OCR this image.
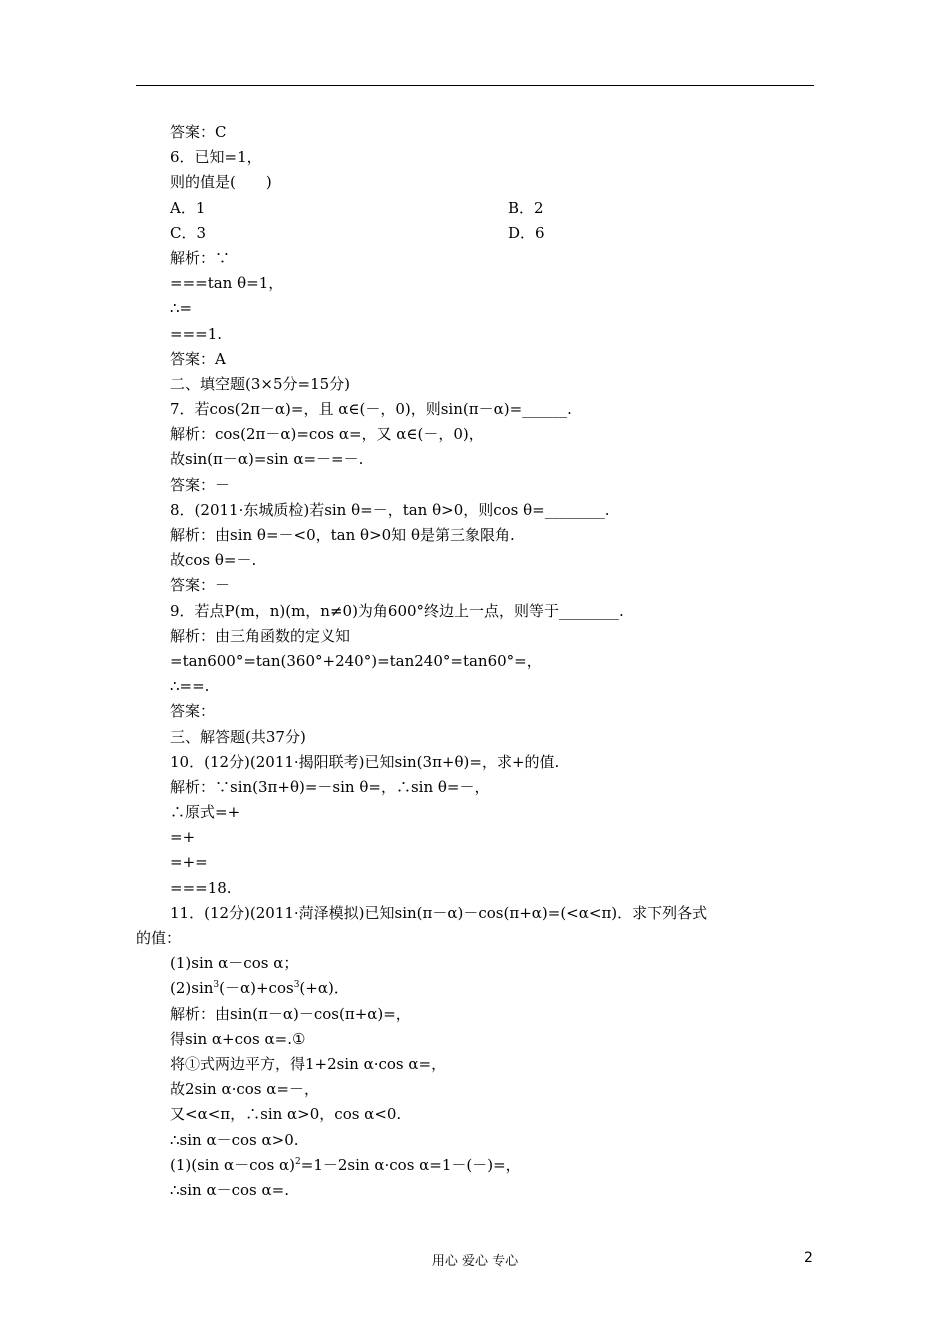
答案：C
6．已知=1，
则的值是(　　)
A．1	B．2
C．3	D．6
解析：∵
===tan θ=1，
∴=
===1.
答案：A
二、填空题(3×5分=15分)
7．若cos(2π－α)=，且 α∈(－，0)，则sin(π－α)=______.
解析：cos(2π－α)=cos α=，又 α∈(－，0)，
故sin(π－α)=sin α=－=－.
答案：－
8．(2011·东城质检)若sin θ=－，tan θ>0，则cos θ=________.
解析：由sin θ=－<0，tan θ>0知 θ是第三象限角.
故cos θ=－.
答案：－
9．若点P(m，n)(m，n≠0)为角600°终边上一点，则等于________.
解析：由三角函数的定义知
=tan600°=tan(360°+240°)=tan240°=tan60°=，
∴==.
答案：
三、解答题(共37分)
10．(12分)(2011·揭阳联考)已知sin(3π+θ)=，求+的值.
解析：∵sin(3π+θ)=－sin θ=，∴sin θ=－，
∴原式=+
=+
=+=
===18.
11．(12分)(2011·菏泽模拟)已知sin(π－α)－cos(π+α)=(<α<π)．求下列各式
的值：
(1)sin α－cos α；
$(2)\sin^3(-\alpha)+\cos^3(+\alpha)$．
解析：由sin(π－α)－cos(π+α)=，
得sin α+cos α=.①
将①式两边平方，得1+2sin α·cos α=，
故2sin α·cos α=－，
又<α<π，∴sin α>0，cos α<0.
∴sin α－cos α>0.
(1)(sin α－cos α)$^2$=1－2sin α·cos α=1－(－)=，
∴sin α－cos α=.
用心 爱心 专心	2
